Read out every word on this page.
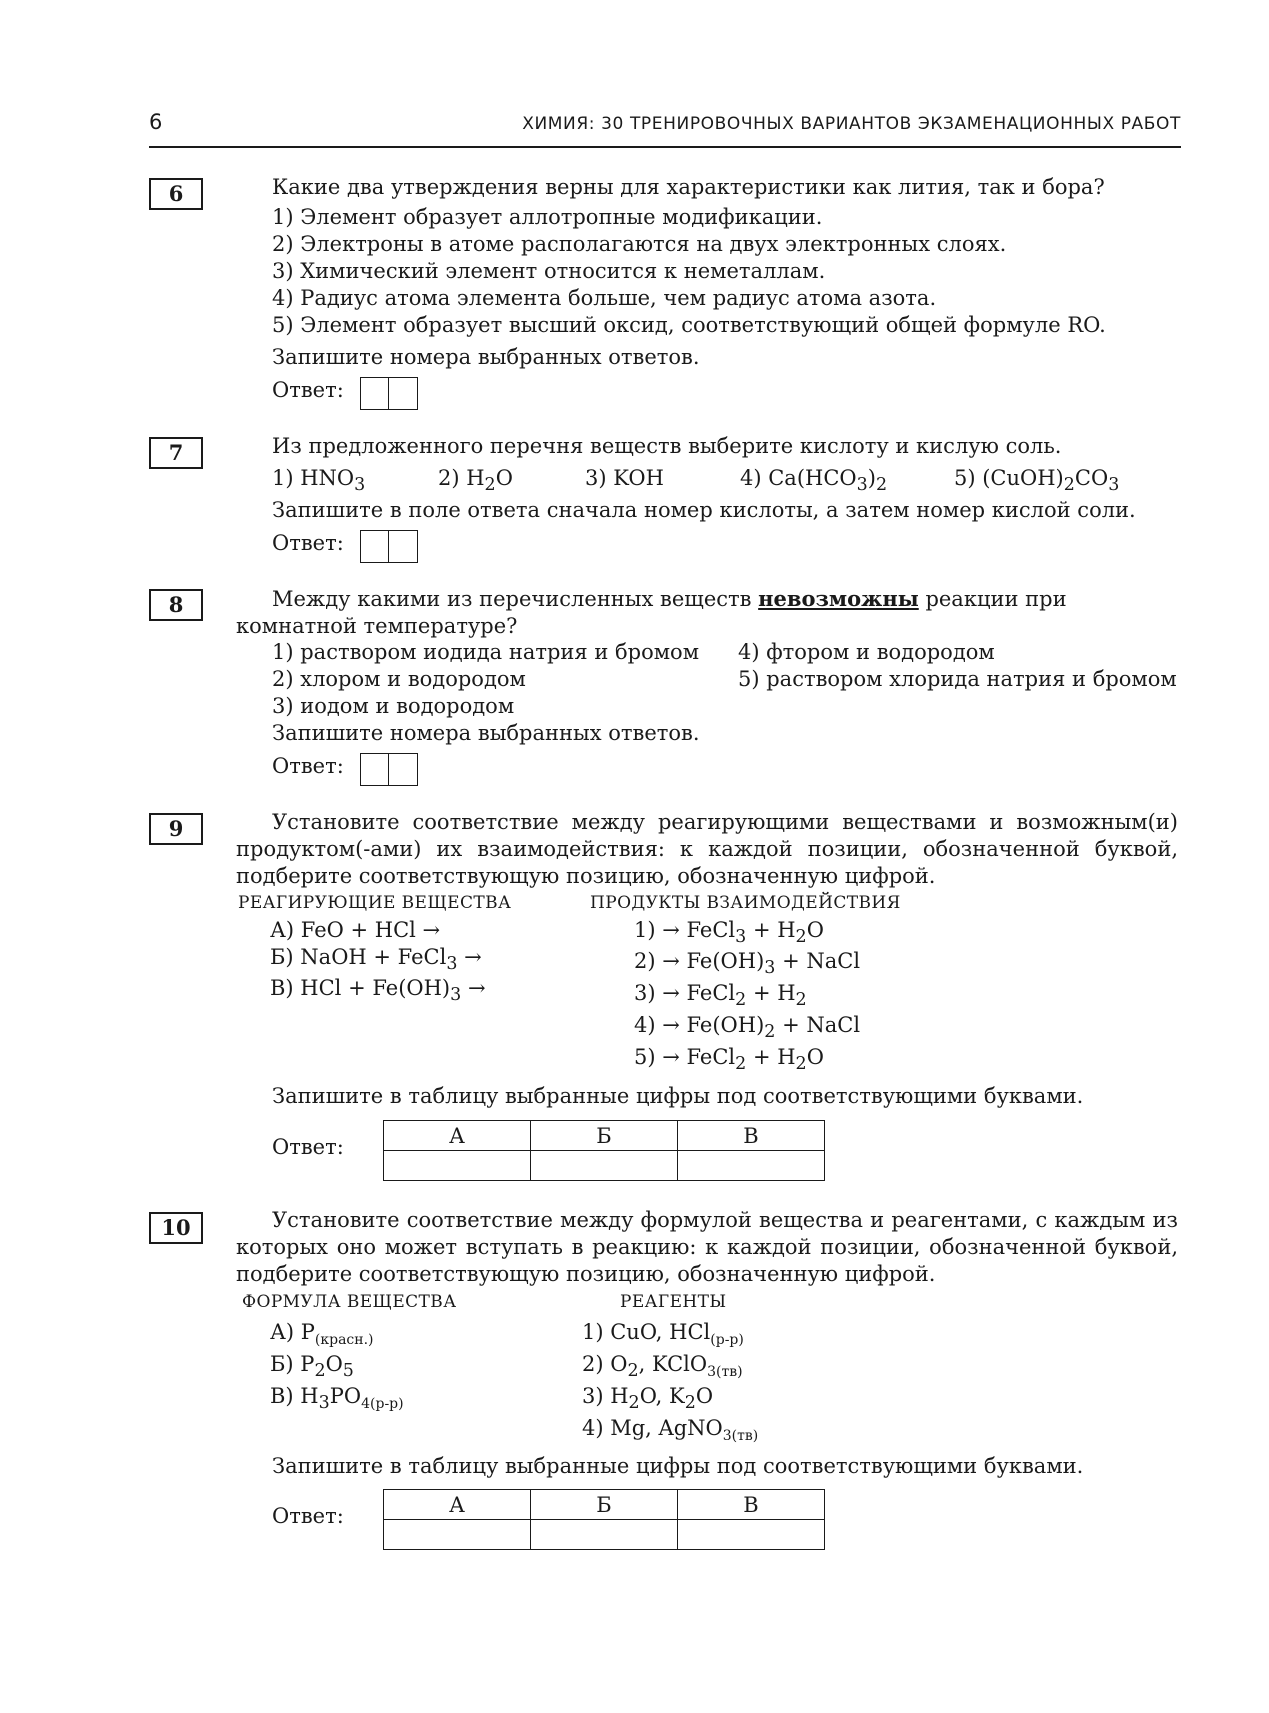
6	ХИМИЯ: 30 ТРЕНИРОВОЧНЫХ ВАРИАНТОВ ЭКЗАМЕНАЦИОННЫХ РАБОТ
6	Какие два утверждения верны для характеристики как лития, так и бора?
1) Элемент образует аллотропные модификации.
2) Электроны в атоме располагаются на двух электронных слоях.
3) Химический элемент относится к неметаллам.
4) Радиус атома элемента больше, чем радиус атома азота.
5) Элемент образует высший оксид, соответствующий общей формуле RO.
Запишите номера выбранных ответов.
Ответ:
7	Из предложенного перечня веществ выберите кислоту и кислую соль.
1) $HNO_3$	2) $H_2O$	3) KOH	4) $Ca(HCO_3)_2$	5) $(CuOH)_2CO_3$
Запишите в поле ответа сначала номер кислоты, а затем номер кислой соли.
Ответ:
8	Между какими из перечисленных веществ невозможны реакции при комнатной температуре?
1) раствором иодида натрия и бромом
2) хлором и водородом
3) иодом и водородом
4) фтором и водородом
5) раствором хлорида натрия и бромом
Запишите номера выбранных ответов.
Ответ:
9	Установите соответствие между реагирующими веществами и возможным(и) продуктом(-ами) их взаимодействия: к каждой позиции, обозначенной буквой, подберите соответствующую позицию, обозначенную цифрой.
РЕАГИРУЮЩИЕ ВЕЩЕСТВА	ПРОДУКТЫ ВЗАИМОДЕЙСТВИЯ
А) FeO + HCl →
Б) NaOH + FeCl$_3$ →
В) HCl + $Fe(OH)_3$ →
1) → FeCl$_3$ + $H_2O$
$2) \to Fe(OH)_3$ + NaCl
3) → FeCl$_2$ + $H_2$
$4) \to Fe(OH)_2$ + NaCl
5) → FeCl$_2$ + $H_2O$
Запишите в таблицу выбранные цифры под соответствующими буквами.
Ответ:	А	Б	В

10	Установите соответствие между формулой вещества и реагентами, с каждым из которых оно может вступать в реакцию: к каждой позиции, обозначенной буквой, подберите соответствующую позицию, обозначенную цифрой.
ФОРМУЛА ВЕЩЕСТВА	РЕАГЕНТЫ
А) $P_{(красн.)}$
Б) $P_2O_5$
В) $H_3PO_{4(р-р)}$
1) CuO, HCl$_{(р-р)}$
2) $O_2$, KClO$_{3(тв)}$
3) $H_2O$, $K_2O$
4) Mg, AgNO$_{3(тв)}$
Запишите в таблицу выбранные цифры под соответствующими буквами.
Ответ:	А	Б	В
